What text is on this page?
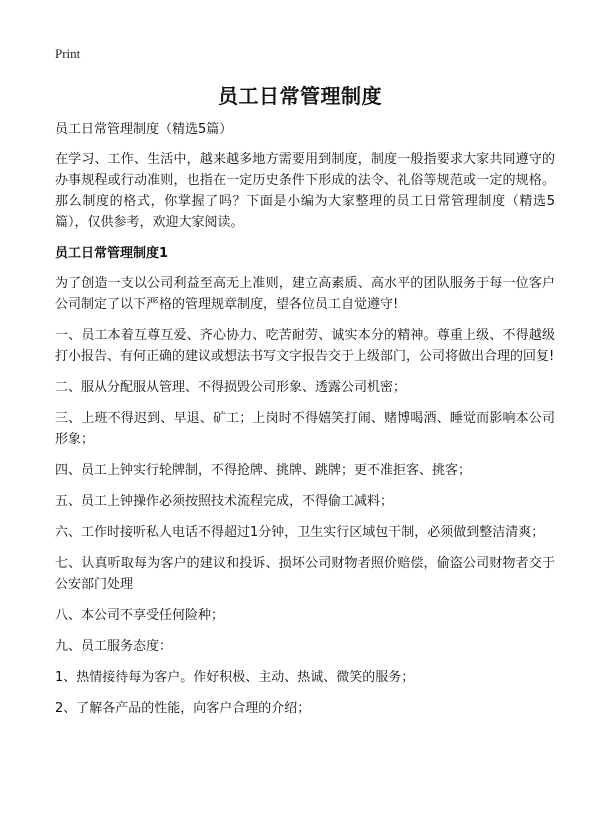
Print
员工日常管理制度

员工日常管理制度（精选5篇）

在学习、工作、生活中，越来越多地方需要用到制度，制度一般指要求大家共同遵守的办事规程或行动准则，也指在一定历史条件下形成的法令、礼俗等规范或一定的规格。那么制度的格式，你掌握了吗？下面是小编为大家整理的员工日常管理制度（精选5篇），仅供参考，欢迎大家阅读。

员工日常管理制度1

为了创造一支以公司利益至高无上准则，建立高素质、高水平的团队服务于每一位客户公司制定了以下严格的管理规章制度，望各位员工自觉遵守!

一、员工本着互尊互爱、齐心协力、吃苦耐劳、诚实本分的精神。尊重上级、不得越级打小报告、有何正确的建议或想法书写文字报告交于上级部门，公司将做出合理的回复!

二、服从分配服从管理、不得损毁公司形象、透露公司机密；

三、上班不得迟到、早退、矿工；上岗时不得嬉笑打闹、赌博喝酒、睡觉而影响本公司形象；

四、员工上钟实行轮牌制，不得抢牌、挑牌、跳牌；更不准拒客、挑客；

五、员工上钟操作必须按照技术流程完成，不得偷工减料；

六、工作时接听私人电话不得超过1分钟，卫生实行区域包干制，必须做到整洁清爽；

七、认真听取每为客户的建议和投诉、损坏公司财物者照价赔偿，偷盗公司财物者交于公安部门处理

八、本公司不享受任何险种；

九、员工服务态度：

1、热情接待每为客户。作好积极、主动、热诚、微笑的服务；

2、了解各产品的性能，向客户合理的介绍；
